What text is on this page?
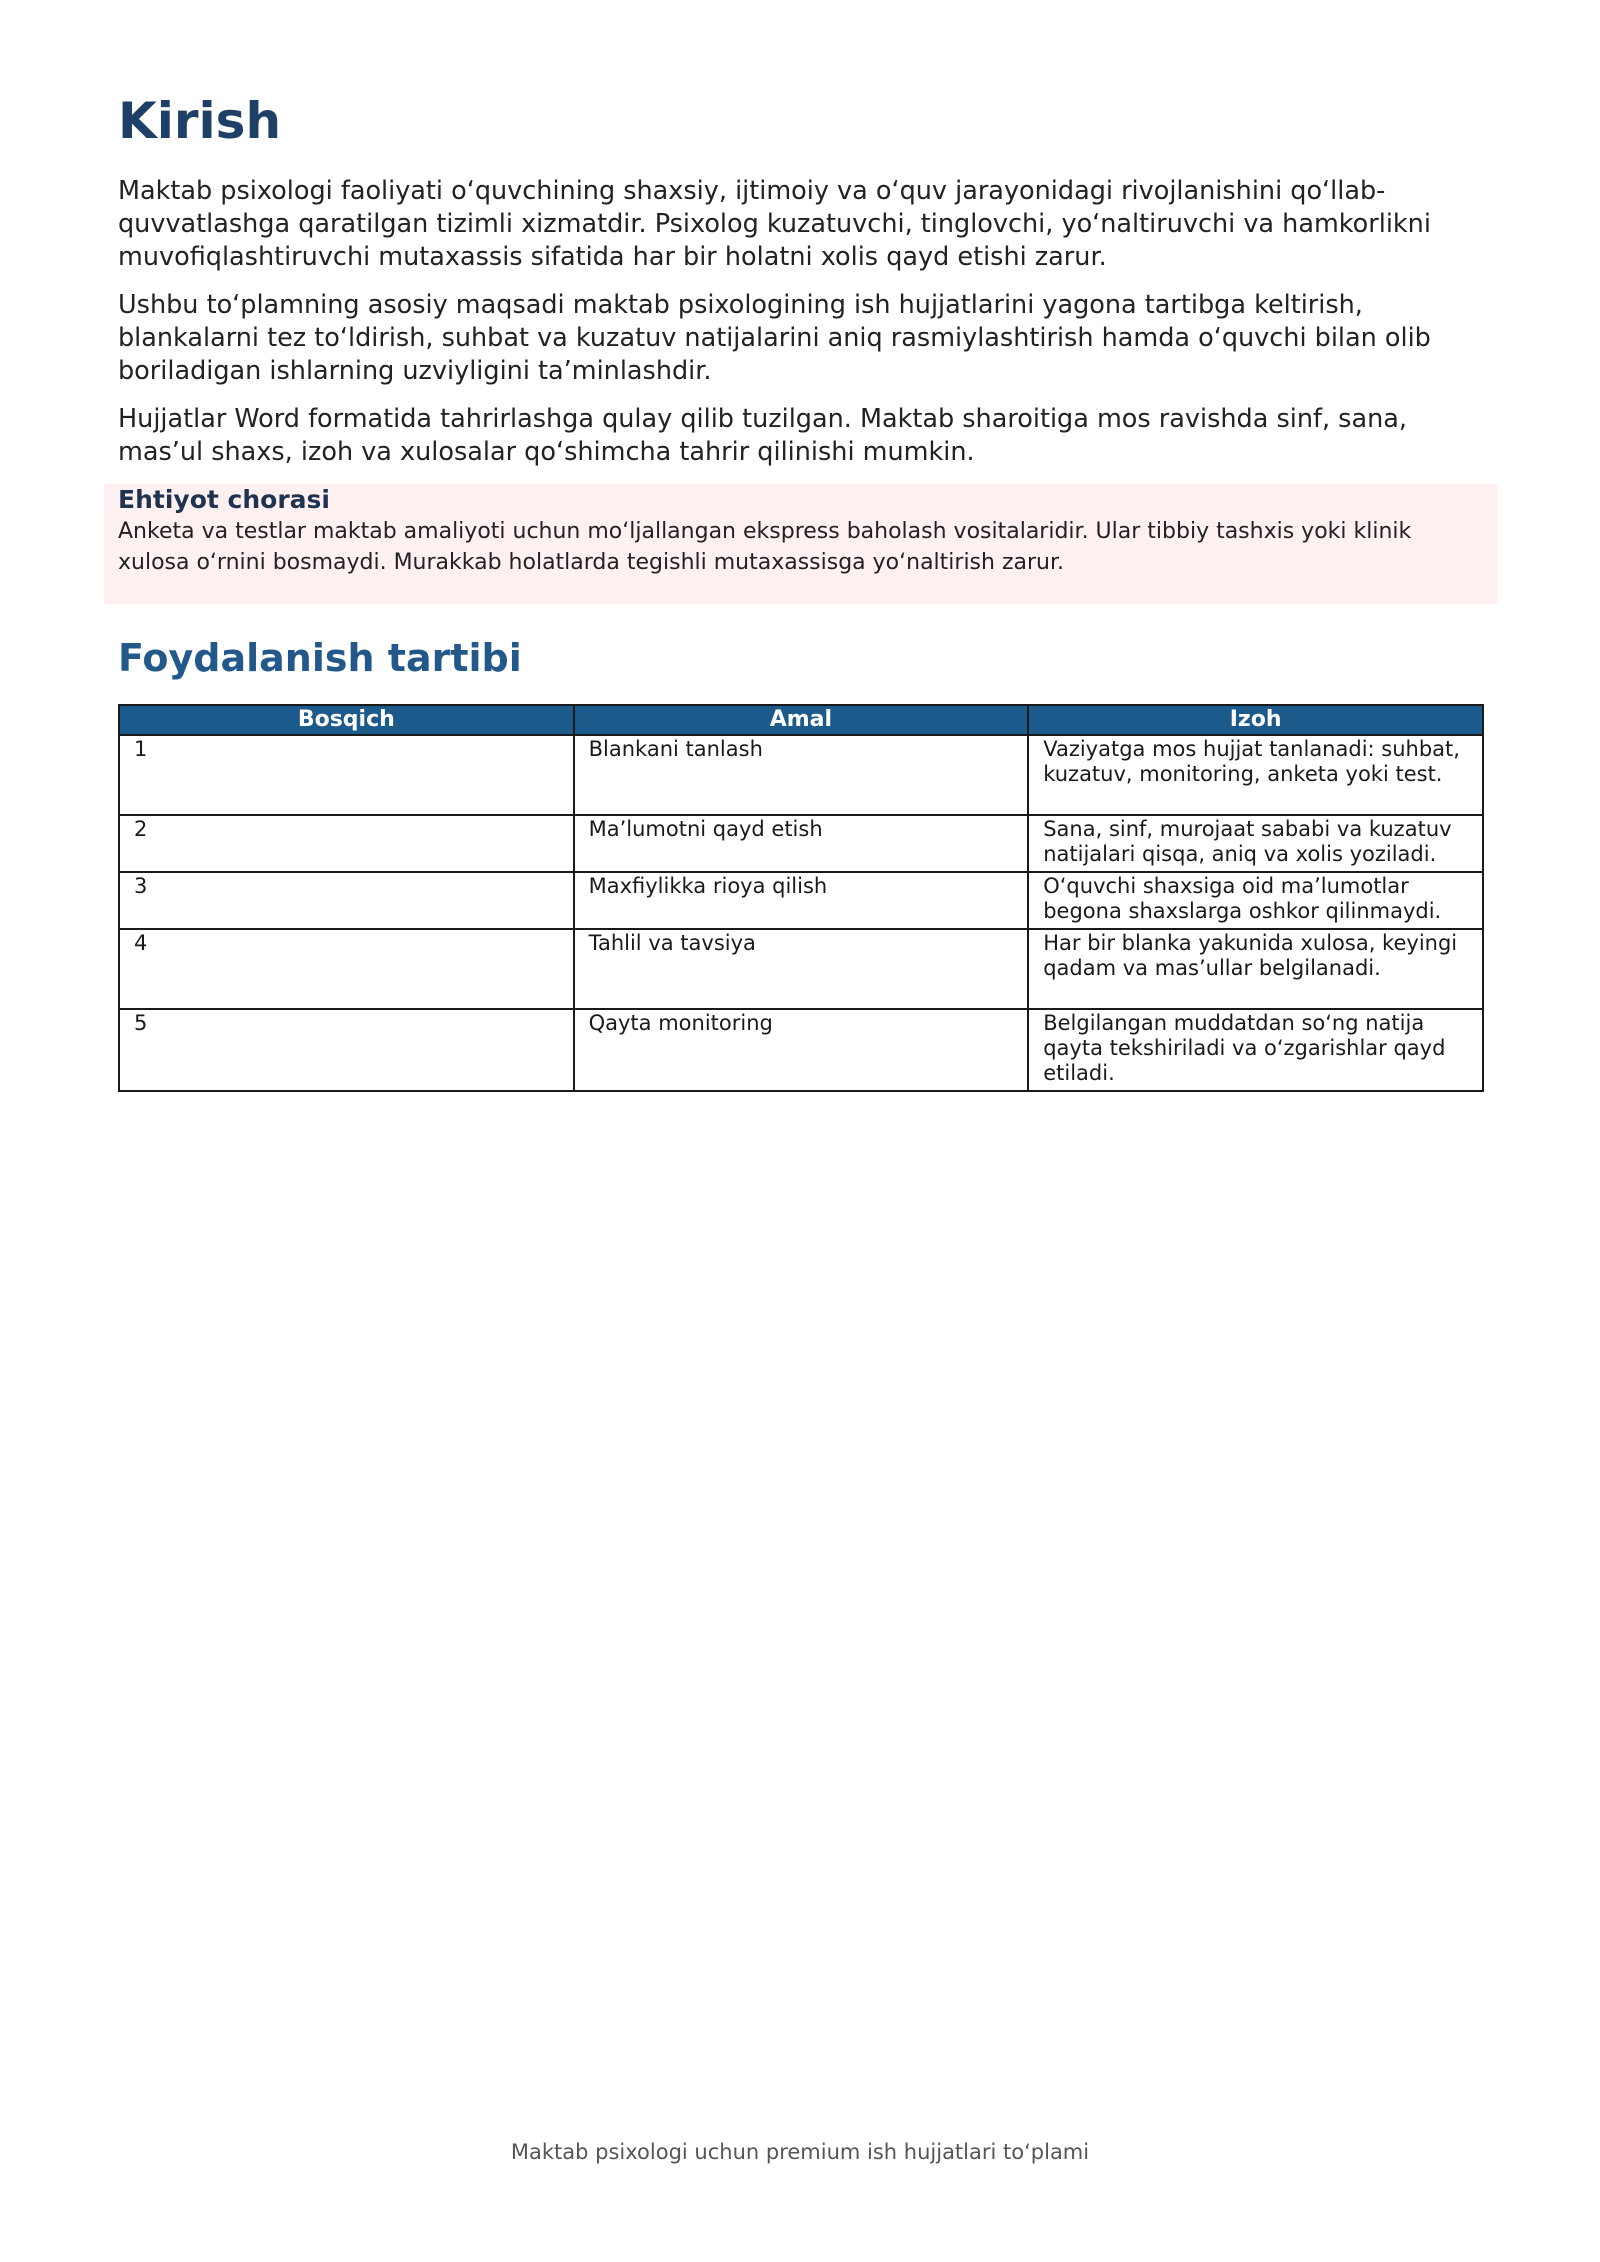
Kirish

Maktab psixologi faoliyati o‘quvchining shaxsiy, ijtimoiy va o‘quv jarayonidagi rivojlanishini qo‘llab-quvvatlashga qaratilgan tizimli xizmatdir. Psixolog kuzatuvchi, tinglovchi, yo‘naltiruvchi va hamkorlikni muvofiqlashtiruvchi mutaxassis sifatida har bir holatni xolis qayd etishi zarur.

Ushbu to‘plamning asosiy maqsadi maktab psixologining ish hujjatlarini yagona tartibga keltirish, blankalarni tez to‘ldirish, suhbat va kuzatuv natijalarini aniq rasmiylashtirish hamda o‘quvchi bilan olib boriladigan ishlarning uzviyligini ta’minlashdir.

Hujjatlar Word formatida tahrirlashga qulay qilib tuzilgan. Maktab sharoitiga mos ravishda sinf, sana, mas’ul shaxs, izoh va xulosalar qo‘shimcha tahrir qilinishi mumkin.

Ehtiyot chorasi
Anketa va testlar maktab amaliyoti uchun mo‘ljallangan ekspress baholash vositalaridir. Ular tibbiy tashxis yoki klinik xulosa o‘rnini bosmaydi. Murakkab holatlarda tegishli mutaxassisga yo‘naltirish zarur.
Foydalanish tartibi
Bosqich	Amal	Izoh
1	Blankani tanlash	Vaziyatga mos hujjat tanlanadi: suhbat, kuzatuv, monitoring, anketa yoki test.
2	Ma’lumotni qayd etish	Sana, sinf, murojaat sababi va kuzatuv natijalari qisqa, aniq va xolis yoziladi.
3	Maxfiylikka rioya qilish	O‘quvchi shaxsiga oid ma’lumotlar begona shaxslarga oshkor qilinmaydi.
4	Tahlil va tavsiya	Har bir blanka yakunida xulosa, keyingi qadam va mas’ullar belgilanadi.
5	Qayta monitoring	Belgilangan muddatdan so‘ng natija qayta tekshiriladi va o‘zgarishlar qayd etiladi.
Maktab psixologi uchun premium ish hujjatlari to‘plami
